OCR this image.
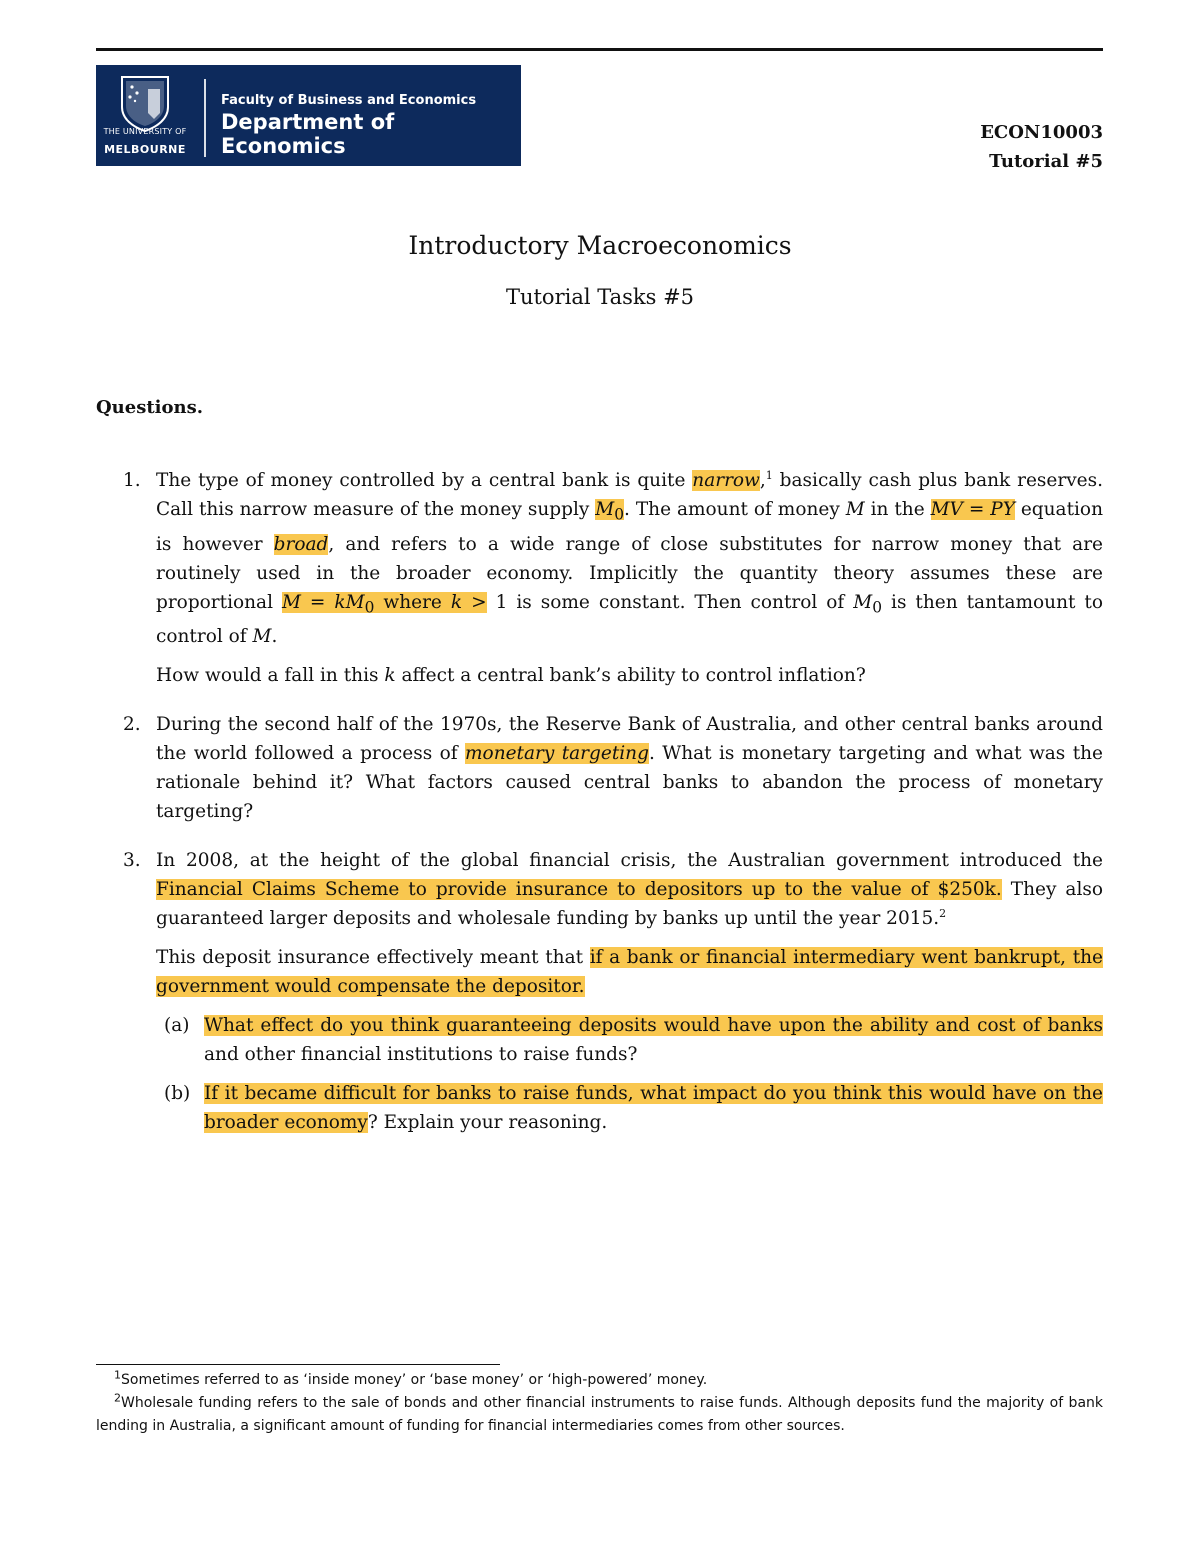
THE UNIVERSITY OF
MELBOURNE
Faculty of Business and Economics
Department of Economics
ECON10003
Tutorial #5
Introductory Macroeconomics
Tutorial Tasks #5
Questions.
1. The type of money controlled by a central bank is quite narrow,$^1$ basically cash plus bank reserves. Call this narrow measure of the money supply $M_0$. The amount of money M in the MV = PY equation is however broad, and refers to a wide range of close substitutes for narrow money that are routinely used in the broader economy. Implicitly the quantity theory assumes these are proportional $M = kM_0$ where k > 1 is some constant. Then control of $M_0$ is then tantamount to control of M.

How would a fall in this k affect a central bank’s ability to control inflation?

2. During the second half of the 1970s, the Reserve Bank of Australia, and other central banks around the world followed a process of monetary targeting. What is monetary targeting and what was the rationale behind it? What factors caused central banks to abandon the process of monetary targeting?

3. In 2008, at the height of the global financial crisis, the Australian government introduced the Financial Claims Scheme to provide insurance to depositors up to the value of $250k. They also guaranteed larger deposits and wholesale funding by banks up until the year 2015.$^2$

This deposit insurance effectively meant that if a bank or financial intermediary went bankrupt, the government would compensate the depositor.

(a) What effect do you think guaranteeing deposits would have upon the ability and cost of banks and other financial institutions to raise funds?

(b) If it became difficult for banks to raise funds, what impact do you think this would have on the broader economy? Explain your reasoning.

$^1$Sometimes referred to as ‘inside money’ or ‘base money’ or ‘high-powered’ money.

$^2$Wholesale funding refers to the sale of bonds and other financial instruments to raise funds. Although deposits fund the majority of bank lending in Australia, a significant amount of funding for financial intermediaries comes from other sources.
